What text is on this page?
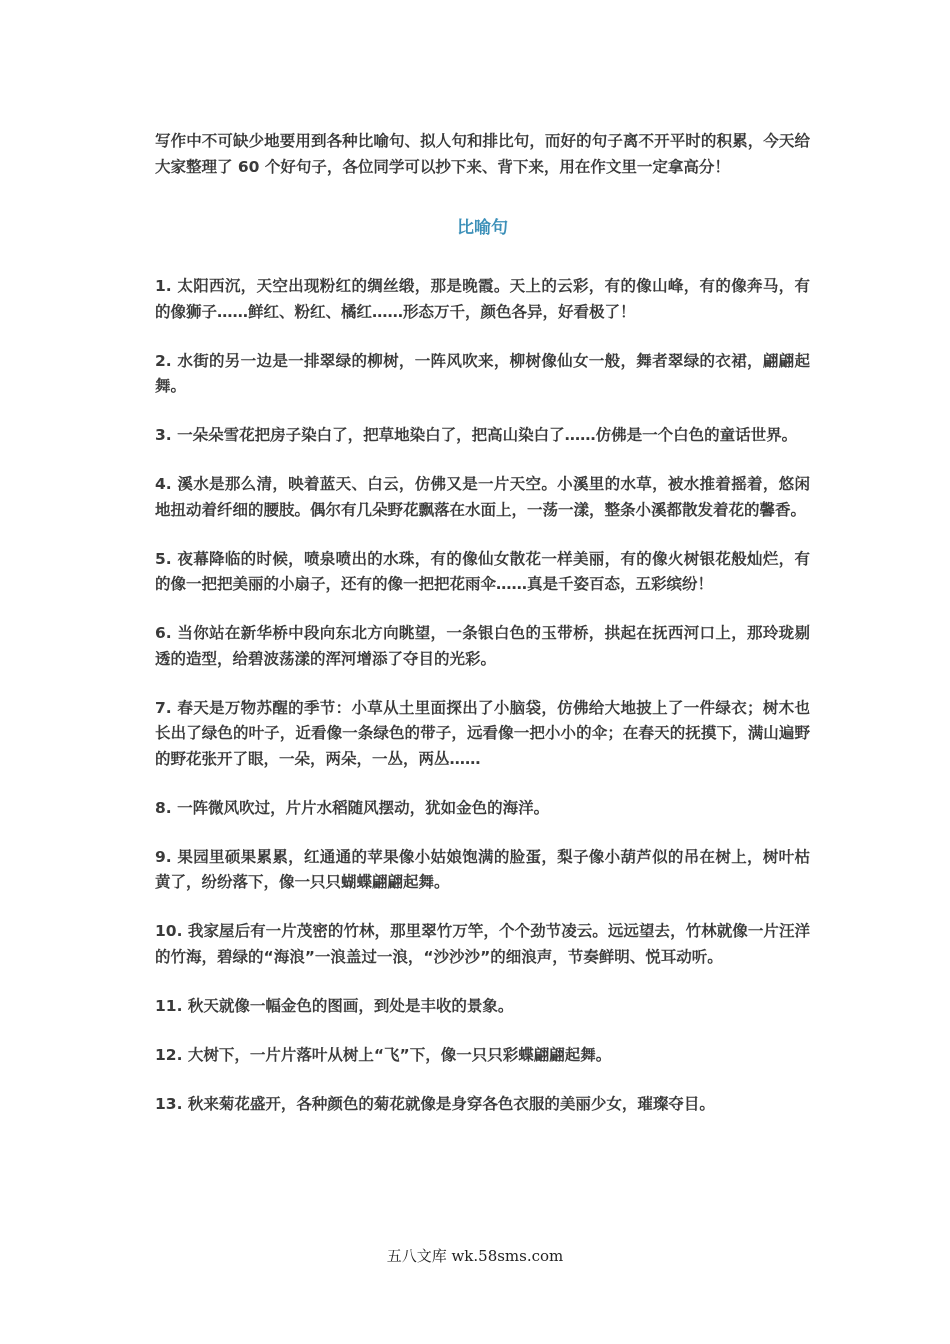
写作中不可缺少地要用到各种比喻句、拟人句和排比句，而好的句子离不开平时的积累，今天给大家整理了 60 个好句子，各位同学可以抄下来、背下来，用在作文里一定拿高分！

比喻句

1. 太阳西沉，天空出现粉红的绸丝缎，那是晚霞。天上的云彩，有的像山峰，有的像奔马，有的像狮子……鲜红、粉红、橘红……形态万千，颜色各异，好看极了！

2. 水街的另一边是一排翠绿的柳树，一阵风吹来，柳树像仙女一般，舞者翠绿的衣裙，翩翩起舞。

3. 一朵朵雪花把房子染白了，把草地染白了，把高山染白了……仿佛是一个白色的童话世界。

4. 溪水是那么清，映着蓝天、白云，仿佛又是一片天空。小溪里的水草，被水推着摇着，悠闲地扭动着纤细的腰肢。偶尔有几朵野花飘落在水面上，一荡一漾，整条小溪都散发着花的馨香。

5. 夜幕降临的时候，喷泉喷出的水珠，有的像仙女散花一样美丽，有的像火树银花般灿烂，有的像一把把美丽的小扇子，还有的像一把把花雨伞……真是千姿百态，五彩缤纷！

6. 当你站在新华桥中段向东北方向眺望，一条银白色的玉带桥，拱起在抚西河口上，那玲珑剔透的造型，给碧波荡漾的浑河增添了夺目的光彩。

7. 春天是万物苏醒的季节：小草从土里面探出了小脑袋，仿佛给大地披上了一件绿衣；树木也长出了绿色的叶子，近看像一条绿色的带子，远看像一把小小的伞；在春天的抚摸下，满山遍野的野花张开了眼，一朵，两朵，一丛，两丛……

8. 一阵微风吹过，片片水稻随风摆动，犹如金色的海洋。

9. 果园里硕果累累，红通通的苹果像小姑娘饱满的脸蛋，梨子像小葫芦似的吊在树上，树叶枯黄了，纷纷落下，像一只只蝴蝶翩翩起舞。

10. 我家屋后有一片茂密的竹林，那里翠竹万竿，个个劲节凌云。远远望去，竹林就像一片汪洋的竹海，碧绿的“海浪”一浪盖过一浪，“沙沙沙”的细浪声，节奏鲜明、悦耳动听。

11. 秋天就像一幅金色的图画，到处是丰收的景象。

12. 大树下，一片片落叶从树上“飞”下，像一只只彩蝶翩翩起舞。

13. 秋来菊花盛开，各种颜色的菊花就像是身穿各色衣服的美丽少女，璀璨夺目。

五八文库 wk.58sms.com
